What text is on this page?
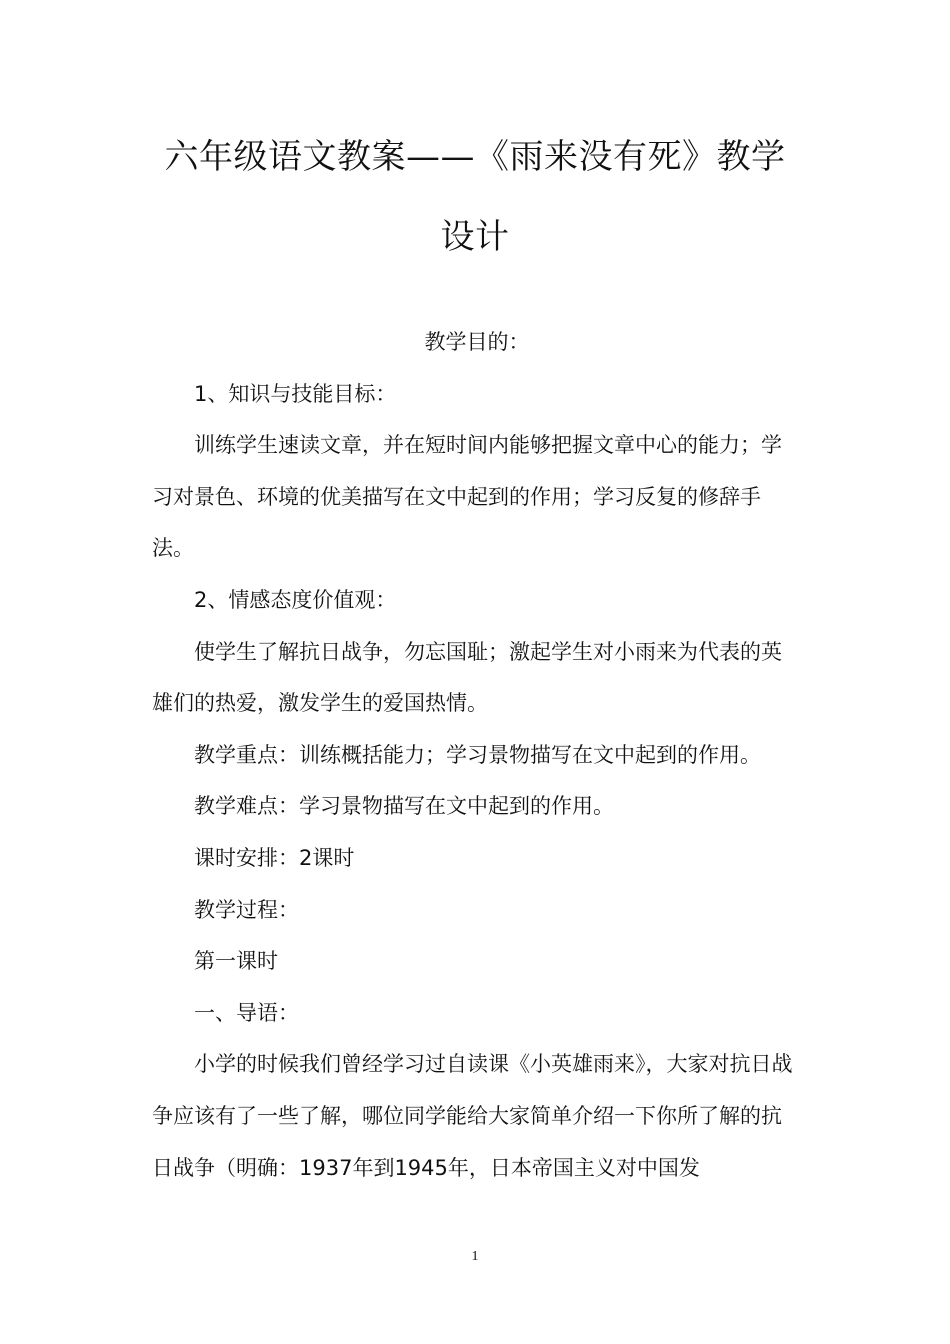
六年级语文教案——《雨来没有死》教学设计

教学目的：

1、知识与技能目标：

训练学生速读文章，并在短时间内能够把握文章中心的能力；学习对景色、环境的优美描写在文中起到的作用；学习反复的修辞手法。

2、情感态度价值观：

使学生了解抗日战争，勿忘国耻；激起学生对小雨来为代表的英雄们的热爱，激发学生的爱国热情。

教学重点：训练概括能力；学习景物描写在文中起到的作用。

教学难点：学习景物描写在文中起到的作用。

课时安排：2课时

教学过程：

第一课时

一、导语：

小学的时候我们曾经学习过自读课《小英雄雨来》，大家对抗日战争应该有了一些了解，哪位同学能给大家简单介绍一下你所了解的抗日战争（明确：1937年到1945年，日本帝国主义对中国发

1
